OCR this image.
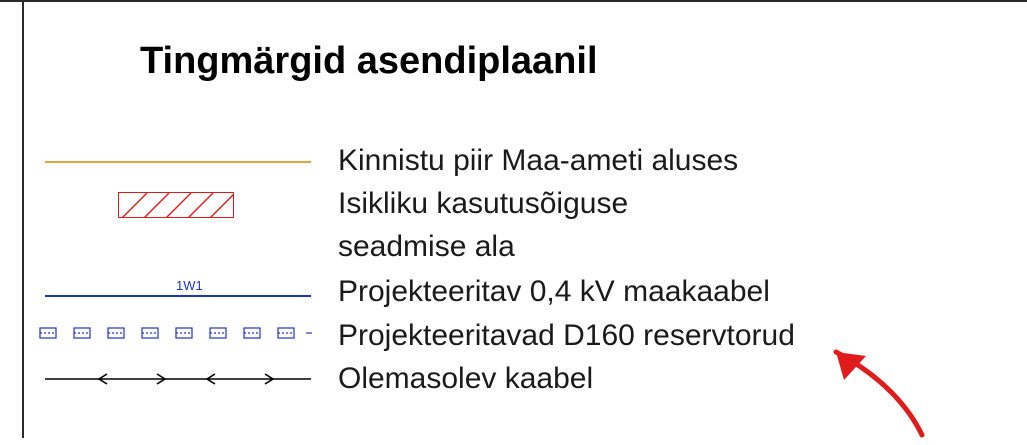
Tingmärgid asendiplaanil
Kinnistu piir Maa-ameti aluses
Isikliku kasutusõiguse
seadmise ala
1W1	Projekteeritav 0,4 kV maakaabel
Projekteeritavad D160 reservtorud
Olemasolev kaabel
